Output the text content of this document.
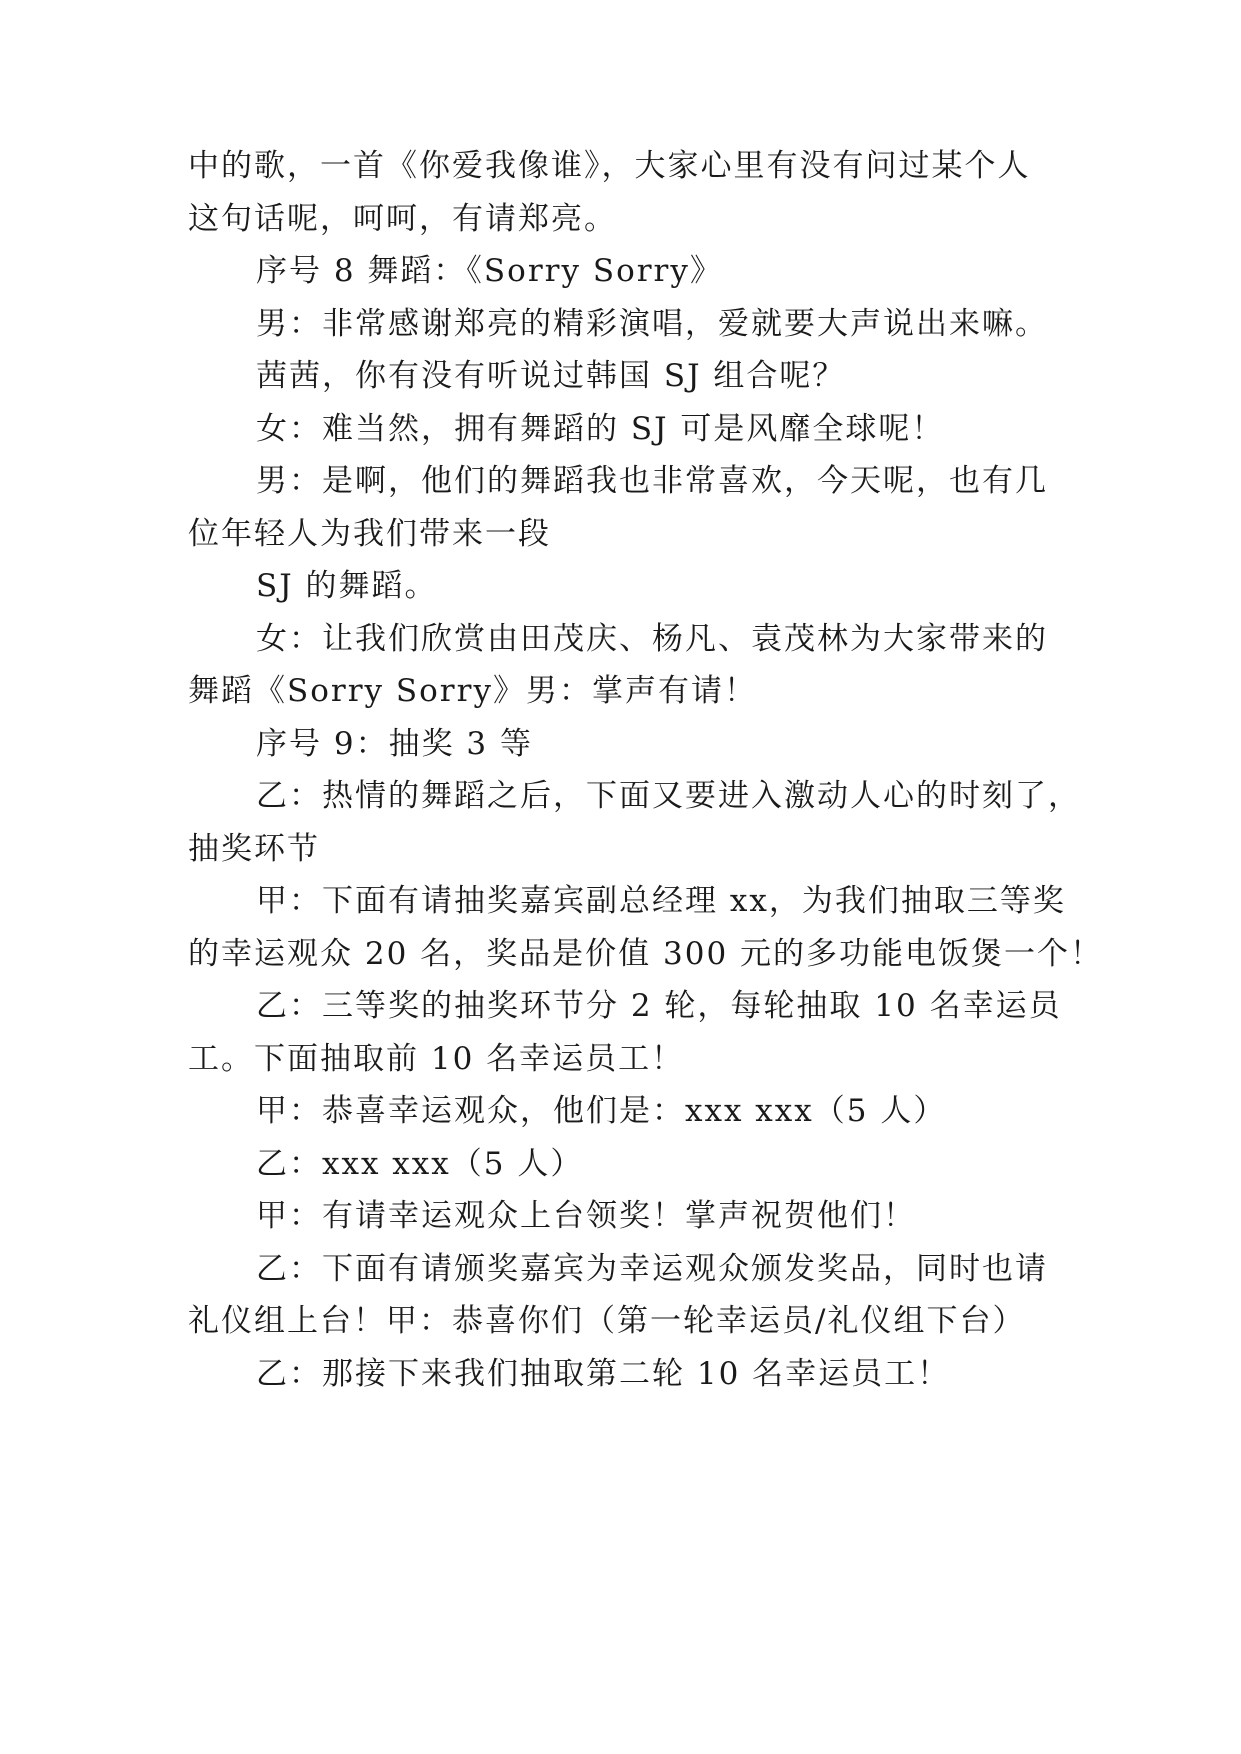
中的歌，一首《你爱我像谁》，大家心里有没有问过某个人
这句话呢，呵呵，有请郑亮。
序号 8 舞蹈：《Sorry Sorry》
男：非常感谢郑亮的精彩演唱，爱就要大声说出来嘛。
茜茜，你有没有听说过韩国 SJ 组合呢？
女：难当然，拥有舞蹈的 SJ 可是风靡全球呢！
男：是啊，他们的舞蹈我也非常喜欢，今天呢，也有几
位年轻人为我们带来一段
SJ 的舞蹈。
女：让我们欣赏由田茂庆、杨凡、袁茂林为大家带来的
舞蹈《Sorry Sorry》男：掌声有请！
序号 9：抽奖 3 等
乙：热情的舞蹈之后，下面又要进入激动人心的时刻了，
抽奖环节
甲：下面有请抽奖嘉宾副总经理 xx，为我们抽取三等奖
的幸运观众 20 名，奖品是价值 300 元的多功能电饭煲一个！
乙：三等奖的抽奖环节分 2 轮，每轮抽取 10 名幸运员
工。下面抽取前 10 名幸运员工！
甲：恭喜幸运观众，他们是：xxx xxx（5 人）
乙：xxx xxx（5 人）
甲：有请幸运观众上台领奖！掌声祝贺他们！
乙：下面有请颁奖嘉宾为幸运观众颁发奖品，同时也请
礼仪组上台！甲：恭喜你们（第一轮幸运员/礼仪组下台）
乙：那接下来我们抽取第二轮 10 名幸运员工！
